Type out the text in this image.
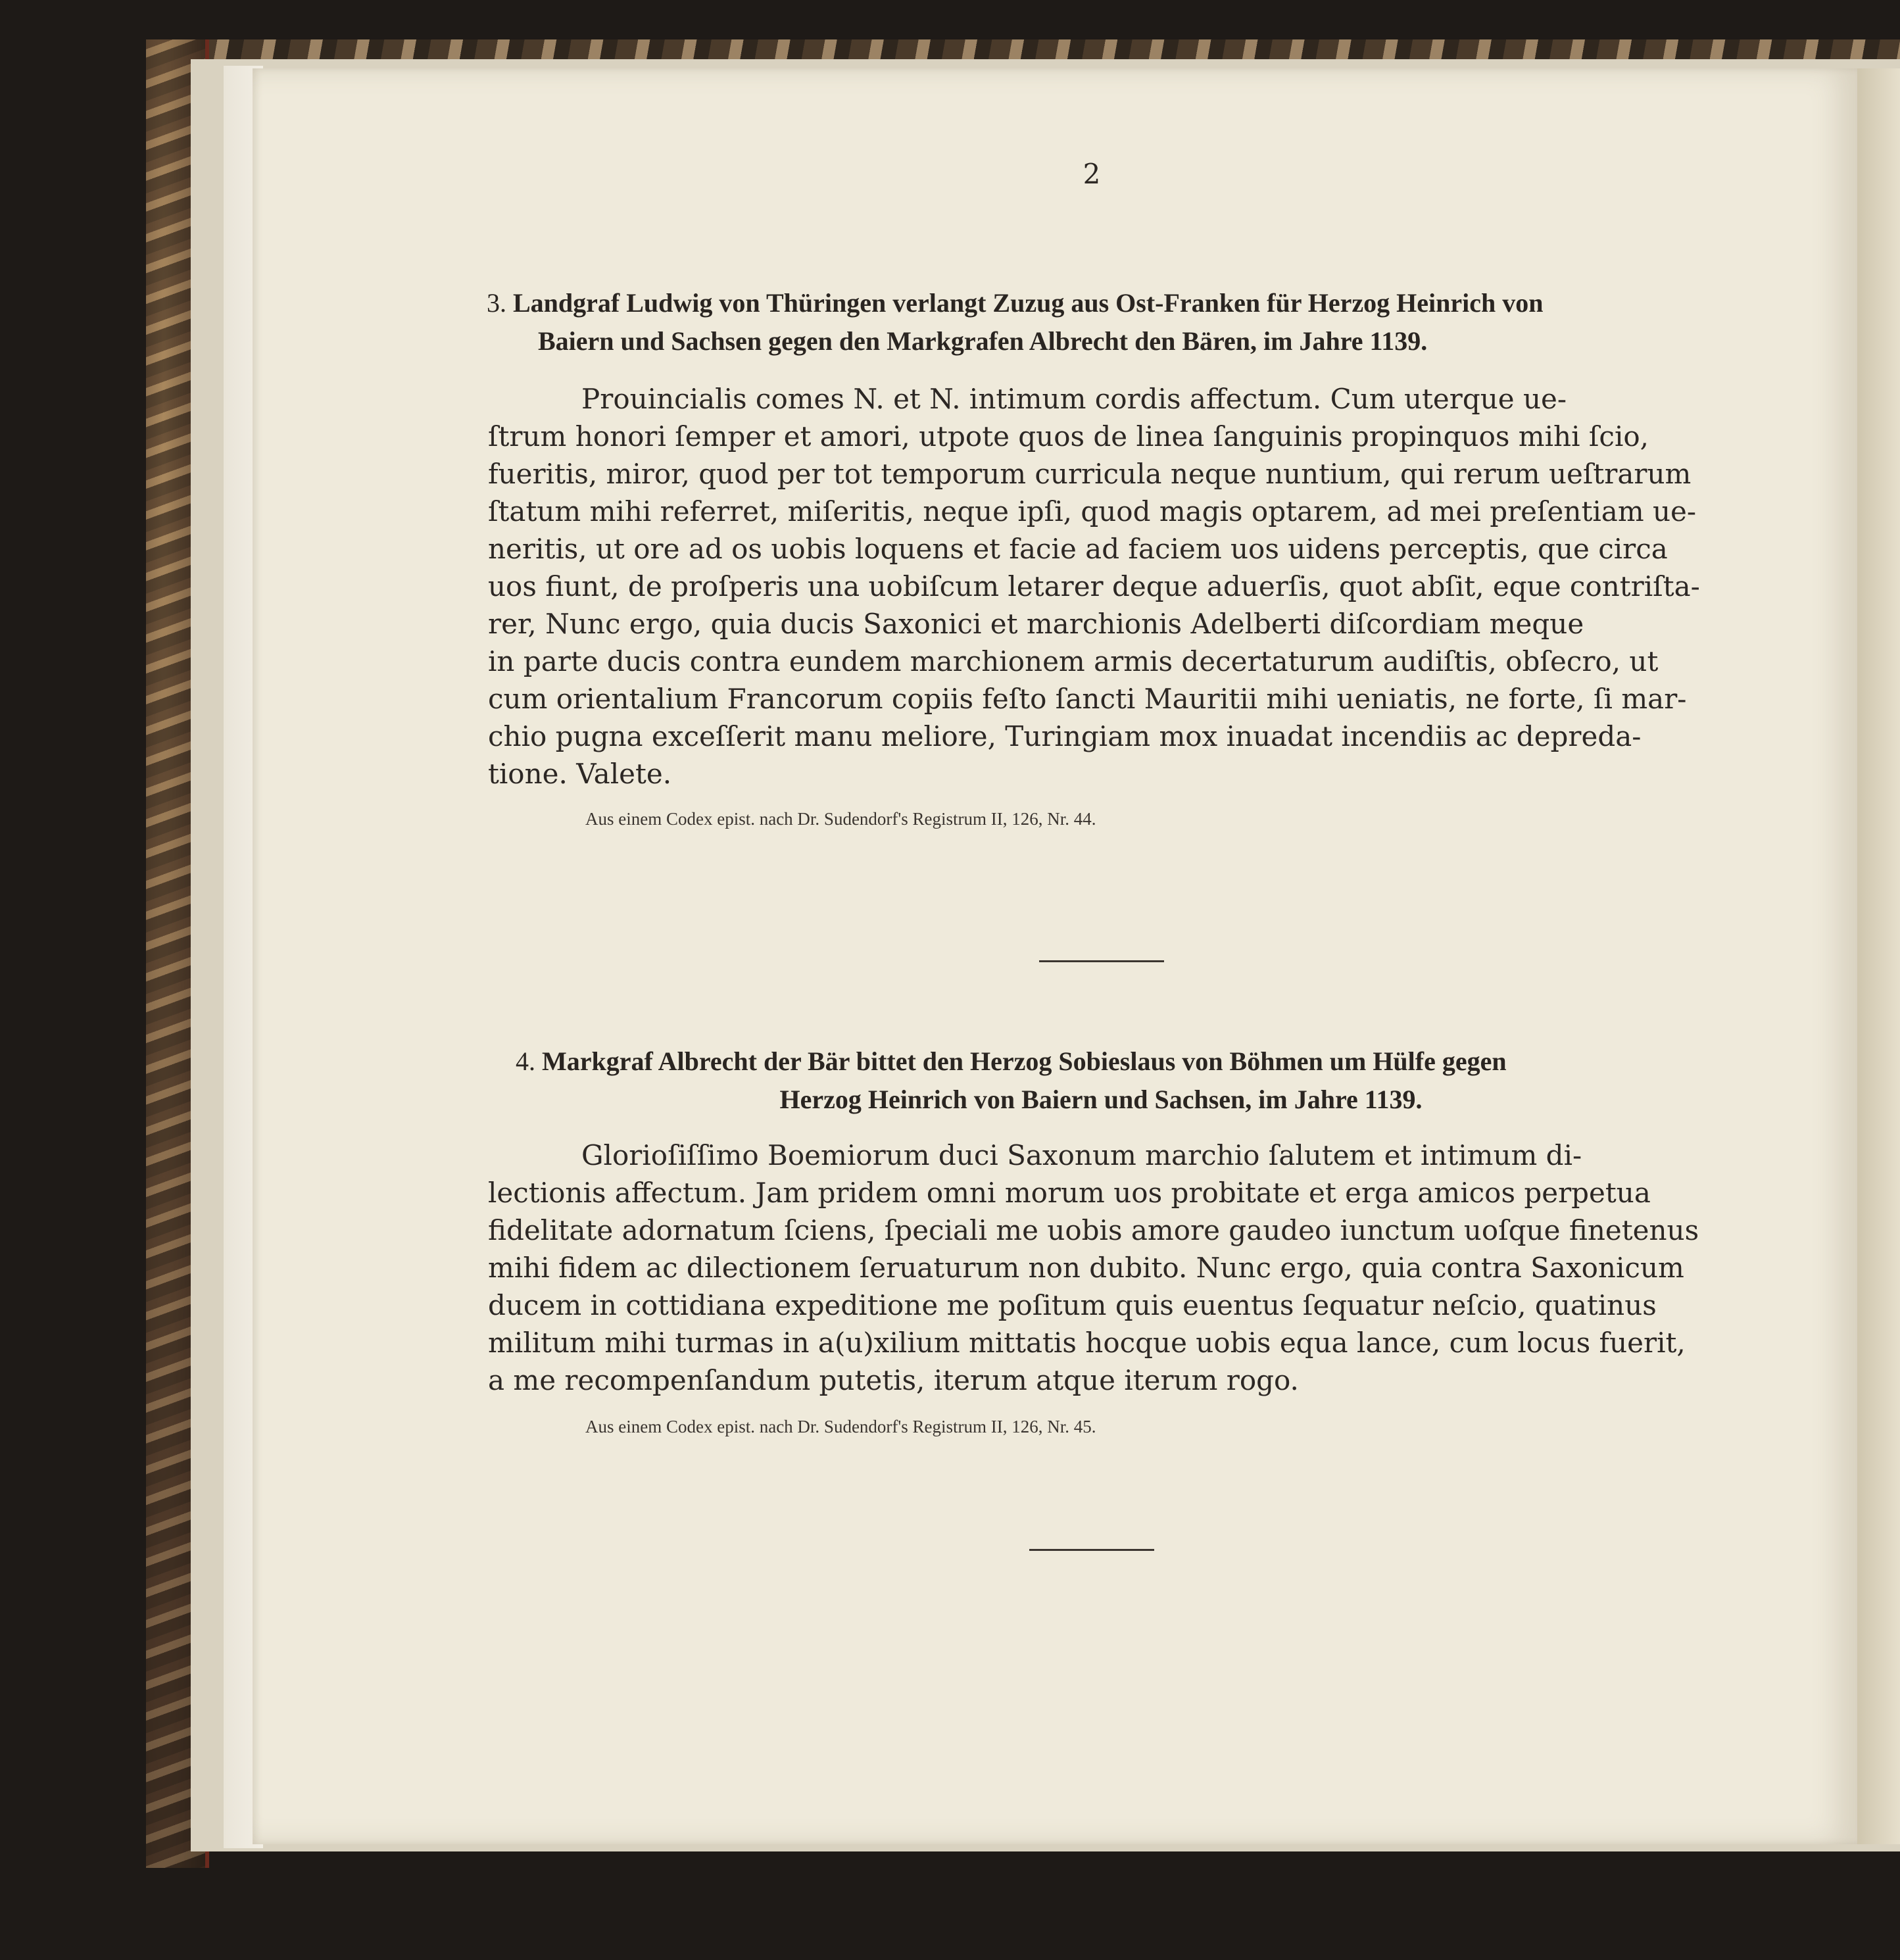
2
3. Landgraf Ludwig von Thüringen verlangt Zuzug aus Ost-Franken für Herzog Heinrich von
Baiern und Sachsen gegen den Markgrafen Albrecht den Bären, im Jahre 1139.
Prouincialis comes N. et N. intimum cordis affectum. Cum uterque ue-
ſtrum honori ſemper et amori, utpote quos de linea ſanguinis propinquos mihi ſcio,
fueritis, miror, quod per tot temporum curricula neque nuntium, qui rerum ueſtrarum
ſtatum mihi referret, miſeritis, neque ipſi, quod magis optarem, ad mei preſentiam ue-
neritis, ut ore ad os uobis loquens et facie ad faciem uos uidens perceptis, que circa
uos fiunt, de proſperis una uobiſcum letarer deque aduerſis, quot abſit, eque contriſta-
rer, Nunc ergo, quia ducis Saxonici et marchionis Adelberti diſcordiam meque
in parte ducis contra eundem marchionem armis decertaturum audiſtis, obſecro, ut
cum orientalium Francorum copiis feſto ſancti Mauritii mihi ueniatis, ne forte, ſi mar-
chio pugna exceſſerit manu meliore, Turingiam mox inuadat incendiis ac depreda-
tione. Valete.
Aus einem Codex epist. nach Dr. Sudendorf's Registrum II, 126, Nr. 44.
4. Markgraf Albrecht der Bär bittet den Herzog Sobieslaus von Böhmen um Hülfe gegen
Herzog Heinrich von Baiern und Sachsen, im Jahre 1139.
Glorioſiſſimo Boemiorum duci Saxonum marchio ſalutem et intimum di-
lectionis affectum. Jam pridem omni morum uos probitate et erga amicos perpetua
fidelitate adornatum ſciens, ſpeciali me uobis amore gaudeo iunctum uoſque finetenus
mihi fidem ac dilectionem ſeruaturum non dubito. Nunc ergo, quia contra Saxonicum
ducem in cottidiana expeditione me poſitum quis euentus ſequatur neſcio, quatinus
militum mihi turmas in a(u)xilium mittatis hocque uobis equa lance, cum locus fuerit,
a me recompenſandum putetis, iterum atque iterum rogo.
Aus einem Codex epist. nach Dr. Sudendorf's Registrum II, 126, Nr. 45.
